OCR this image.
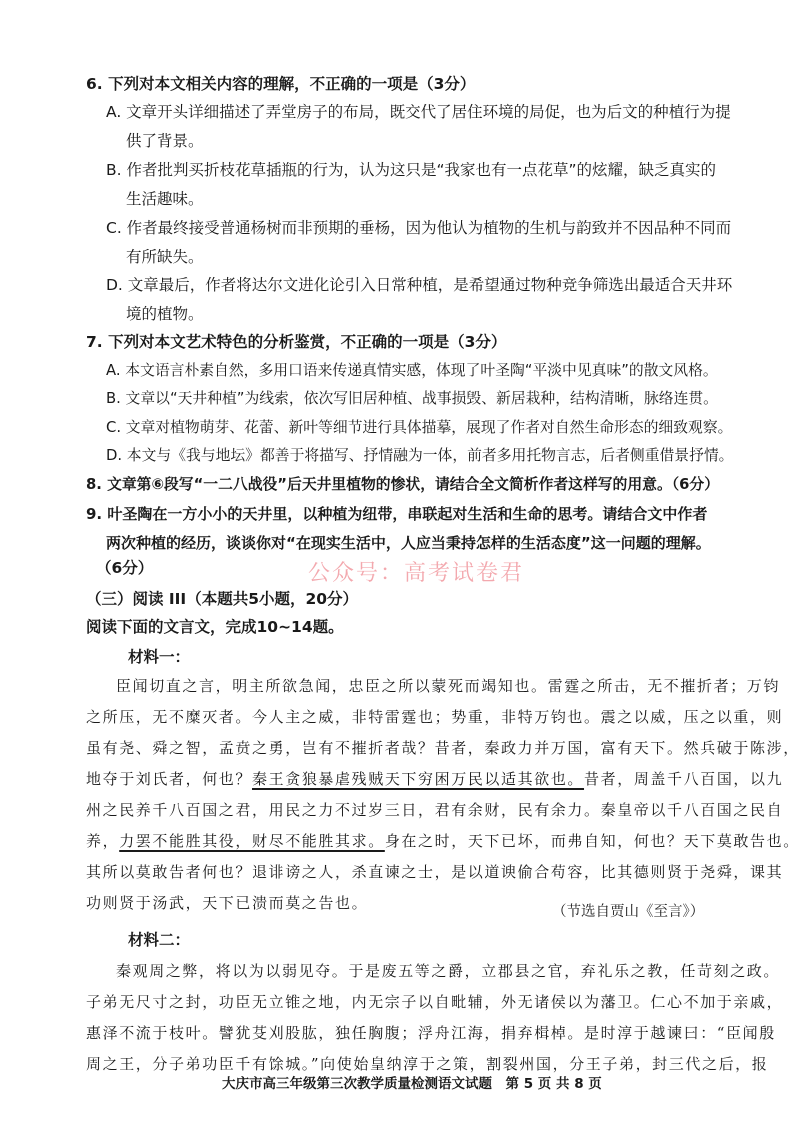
6. 下列对本文相关内容的理解，不正确的一项是（3分）
A. 文章开头详细描述了弄堂房子的布局，既交代了居住环境的局促，也为后文的种植行为提
供了背景。
B. 作者批判买折枝花草插瓶的行为，认为这只是“我家也有一点花草”的炫耀，缺乏真实的
生活趣味。
C. 作者最终接受普通杨树而非预期的垂杨，因为他认为植物的生机与韵致并不因品种不同而
有所缺失。
D. 文章最后，作者将达尔文进化论引入日常种植，是希望通过物种竞争筛选出最适合天井环
境的植物。
7. 下列对本文艺术特色的分析鉴赏，不正确的一项是（3分）
A. 本文语言朴素自然，多用口语来传递真情实感，体现了叶圣陶“平淡中见真味”的散文风格。
B. 文章以“天井种植”为线索，依次写旧居种植、战事损毁、新居栽种，结构清晰，脉络连贯。
C. 文章对植物萌芽、花蕾、新叶等细节进行具体描摹，展现了作者对自然生命形态的细致观察。
D. 本文与《我与地坛》都善于将描写、抒情融为一体，前者多用托物言志，后者侧重借景抒情。
8. 文章第⑥段写“一二八战役”后天井里植物的惨状，请结合全文简析作者这样写的用意。（6分）
9. 叶圣陶在一方小小的天井里，以种植为纽带，串联起对生活和生命的思考。请结合文中作者
两次种植的经历，谈谈你对“在现实生活中，人应当秉持怎样的生活态度”这一问题的理解。
（6分）	公众号：高考试卷君
（三）阅读 III（本题共5小题，20分）
阅读下面的文言文，完成10~14题。
材料一：
臣闻切直之言，明主所欲急闻，忠臣之所以蒙死而竭知也。雷霆之所击，无不摧折者；万钧
之所压，无不糜灭者。今人主之威，非特雷霆也；势重，非特万钧也。震之以威，压之以重，则
虽有尧、舜之智，孟贲之勇，岂有不摧折者哉？昔者，秦政力并万国，富有天下。然兵破于陈涉，
地夺于刘氏者，何也？秦王贪狼暴虐残贼天下穷困万民以适其欲也。昔者，周盖千八百国，以九
州之民养千八百国之君，用民之力不过岁三日，君有余财，民有余力。秦皇帝以千八百国之民自
养，力罢不能胜其役，财尽不能胜其求。身在之时，天下已坏，而弗自知，何也？天下莫敢告也。
其所以莫敢告者何也？退诽谤之人，杀直谏之士，是以道谀偷合苟容，比其德则贤于尧舜，课其
功则贤于汤武，天下已溃而莫之告也。	（节选自贾山《至言》）
材料二：
秦观周之弊，将以为以弱见夺。于是废五等之爵，立郡县之官，弃礼乐之教，任苛刻之政。
子弟无尺寸之封，功臣无立锥之地，内无宗子以自毗辅，外无诸侯以为藩卫。仁心不加于亲戚，
惠泽不流于枝叶。譬犹芟刈股肱，独任胸腹；浮舟江海，捐弃楫棹。是时淳于越谏曰：“臣闻殷
周之王，分子弟功臣千有馀城。”向使始皇纳淳于之策，割裂州国，分王子弟，封三代之后，报
大庆市高三年级第三次教学质量检测语文试题　第 5 页 共 8 页
